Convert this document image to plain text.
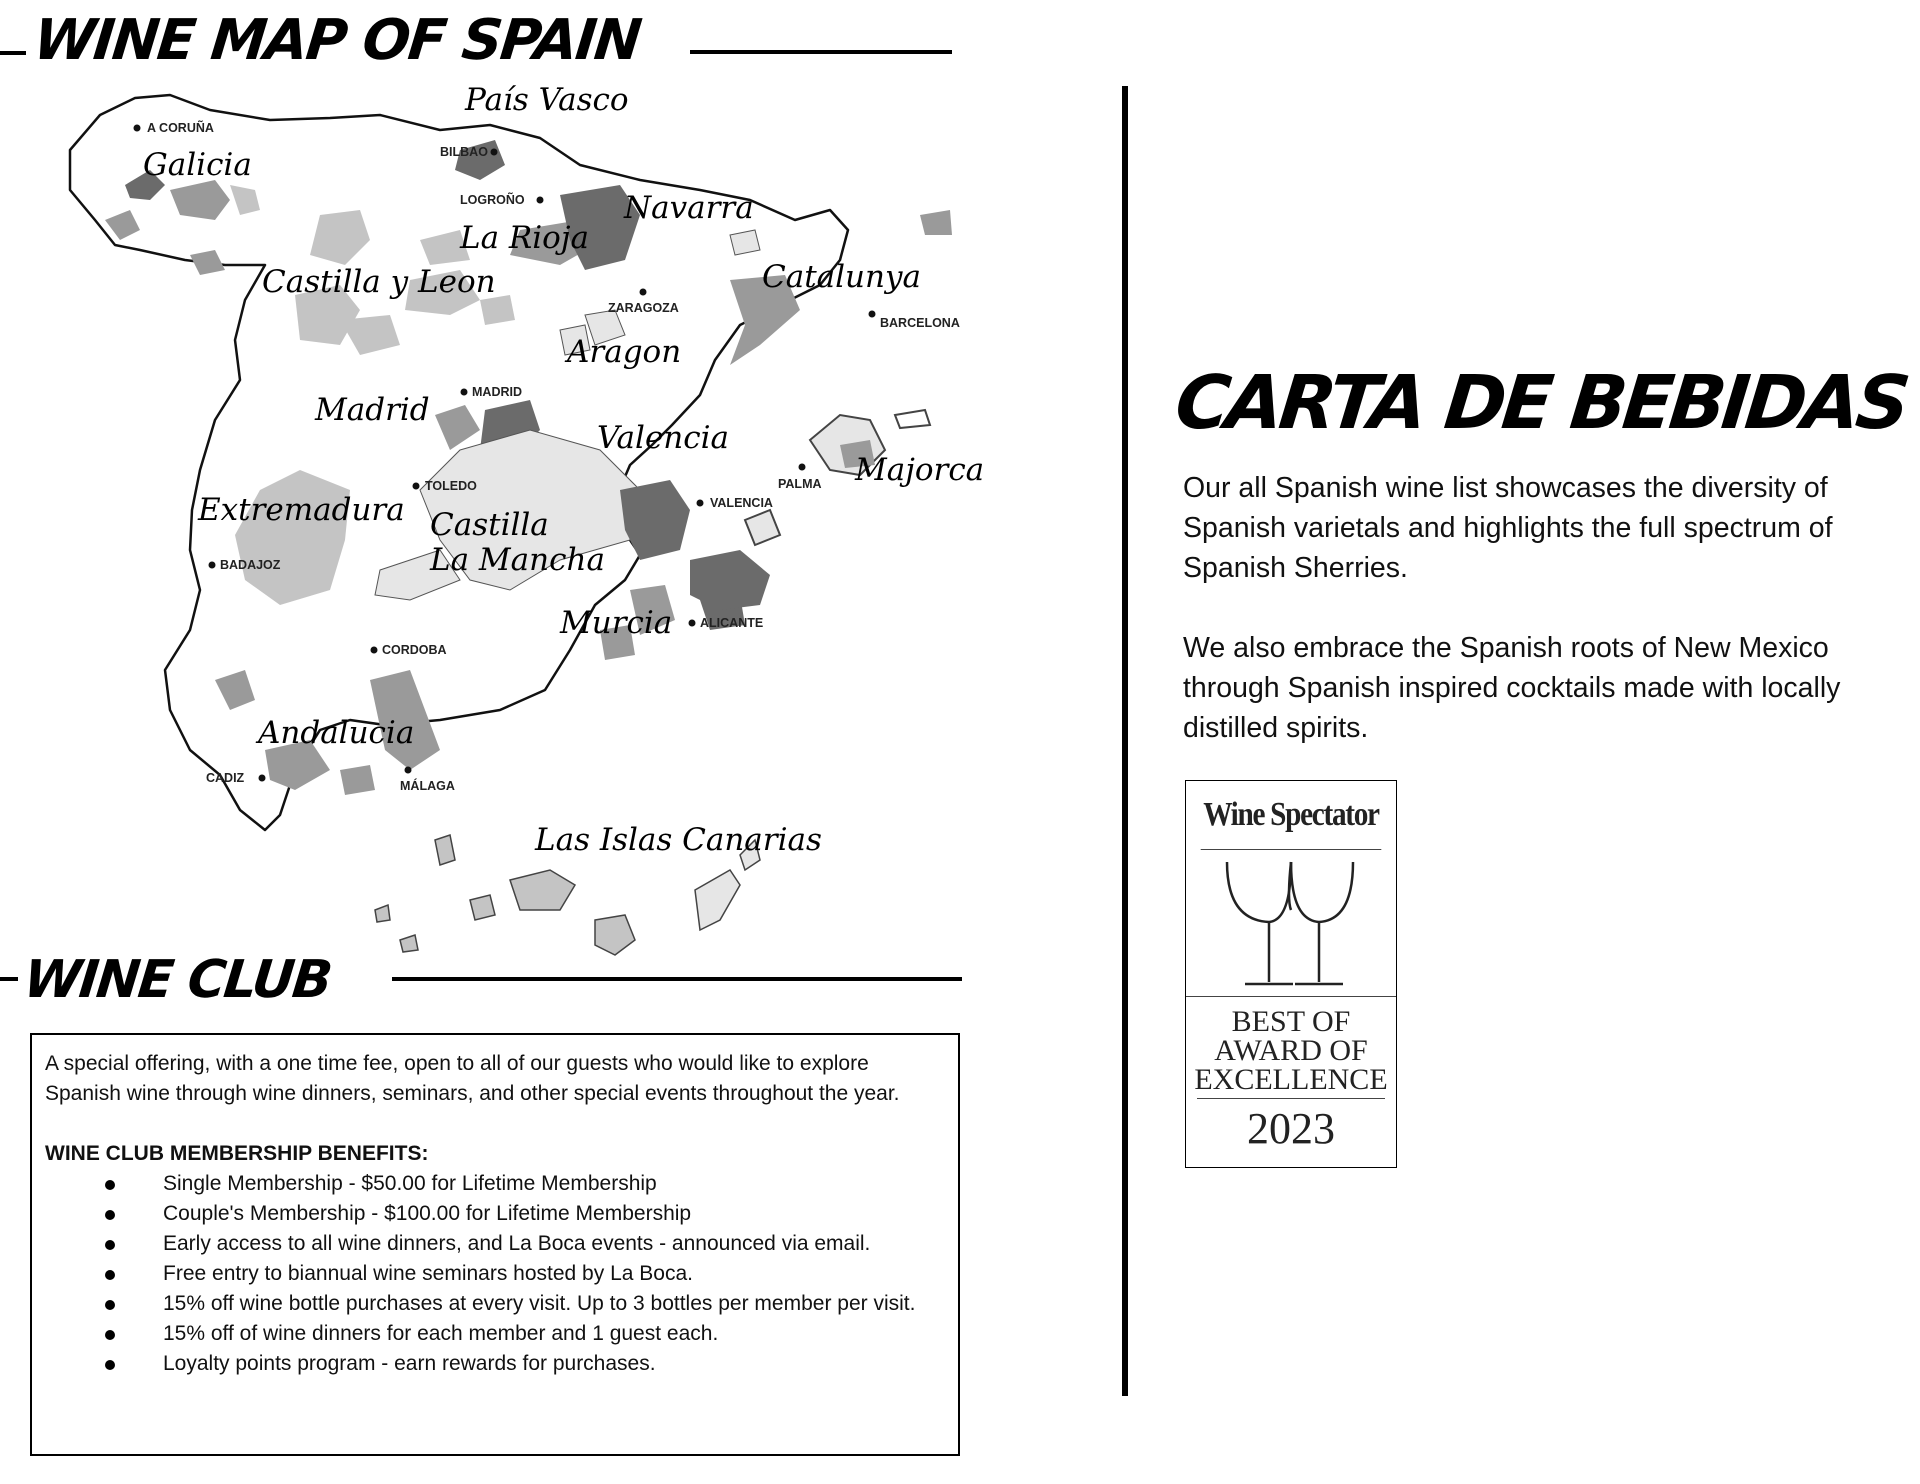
WINE MAP OF SPAIN
A CORUÑA
BILBAO
LOGROÑO
ZARAGOZA
BARCELONA
MADRID
TOLEDO	PALMA
VALENCIA
BADAJOZ
CORDOBA
ALICANTE
CADIZ
MÁLAGA
País Vasco
Galicia
Navarra
La Rioja
Castilla y Leon	Catalunya
Aragon
Madrid
Valencia
Majorca
Extremadura Castilla
La Mancha
Murcia
Andalucia
Las Islas Canarias
WINE CLUB

A special offering, with a one time fee, open to all of our guests who would like to explore Spanish wine through wine dinners, seminars, and other special events throughout the year.

WINE CLUB MEMBERSHIP BENEFITS:

Single Membership - $50.00 for Lifetime Membership
Couple's Membership - $100.00 for Lifetime Membership
Early access to all wine dinners, and La Boca events - announced via email.
Free entry to biannual wine seminars hosted by La Boca.
15% off wine bottle purchases at every visit. Up to 3 bottles per member per visit.
15% off of wine dinners for each member and 1 guest each.
Loyalty points program - earn rewards for purchases.
CARTA DE BEBIDAS

Our all Spanish wine list showcases the diversity of Spanish varietals and highlights the full spectrum of Spanish Sherries.

We also embrace the Spanish roots of New Mexico through Spanish inspired cocktails made with locally distilled spirits.

Wine Spectator
BEST OF
AWARD OF
EXCELLENCE
2023
